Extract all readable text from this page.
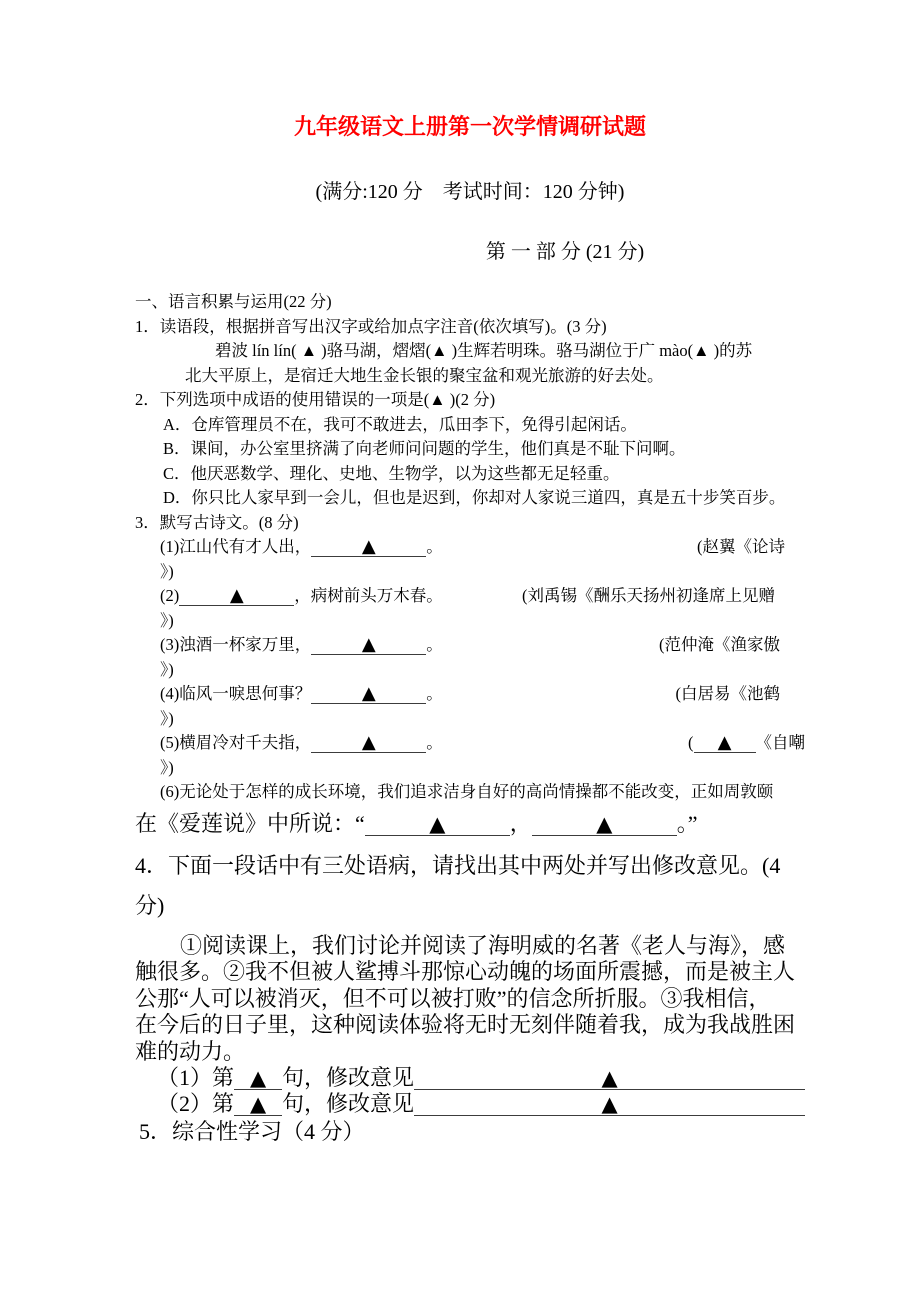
九年级语文上册第一次学情调研试题
(满分:120 分　考试时间：120 分钟)
第 一 部 分 (21 分)
一、语言积累与运用(22 分)
1．读语段，根据拼音写出汉字或给加点字注音(依次填写)。(3 分)
碧波 lín lín( ▲ )骆马湖，熠熠(▲ )生辉若明珠。骆马湖位于广 mào(▲ )的苏
北大平原上，是宿迁大地生金长银的聚宝盆和观光旅游的好去处。
2．下列选项中成语的使用错误的一项是(▲ )(2 分)
A．仓库管理员不在，我可不敢进去，瓜田李下，免得引起闲话。
B．课间，办公室里挤满了向老师问问题的学生，他们真是不耻下问啊。
C．他厌恶数学、理化、史地、生物学，以为这些都无足轻重。
D．你只比人家早到一会儿，但也是迟到，你却对人家说三道四，真是五十步笑百步。
3．默写古诗文。(8 分)
(1)江山代有才人出，	▲	。	(赵翼《论诗
》)
(2)	▲	，病树前头万木春。	(刘禹锡《酬乐天扬州初逢席上见赠
》)
(3)浊酒一杯家万里，	▲	。	(范仲淹《渔家傲
》)
(4)临风一唳思何事？	▲	。	(白居易《池鹤
》)
(5)横眉冷对千夫指，	▲	。	( ▲ 《自嘲
》)
(6)无论处于怎样的成长环境，我们追求洁身自好的高尚情操都不能改变，正如周敦颐
在《爱莲说》中所说：“	▲	，	▲	。”
4．下面一段话中有三处语病，请找出其中两处并写出修改意见。(4
分)
①阅读课上，我们讨论并阅读了海明威的名著《老人与海》，感
触很多。②我不但被人鲨搏斗那惊心动魄的场面所震撼，而是被主人
公那“人可以被消灭，但不可以被打败”的信念所折服。③我相信，
在今后的日子里，这种阅读体验将无时无刻伴随着我，成为我战胜困
难的动力。
（1）第 ▲ 句，修改意见	▲
（2）第 ▲ 句，修改意见	▲
5．综合性学习（4 分）
